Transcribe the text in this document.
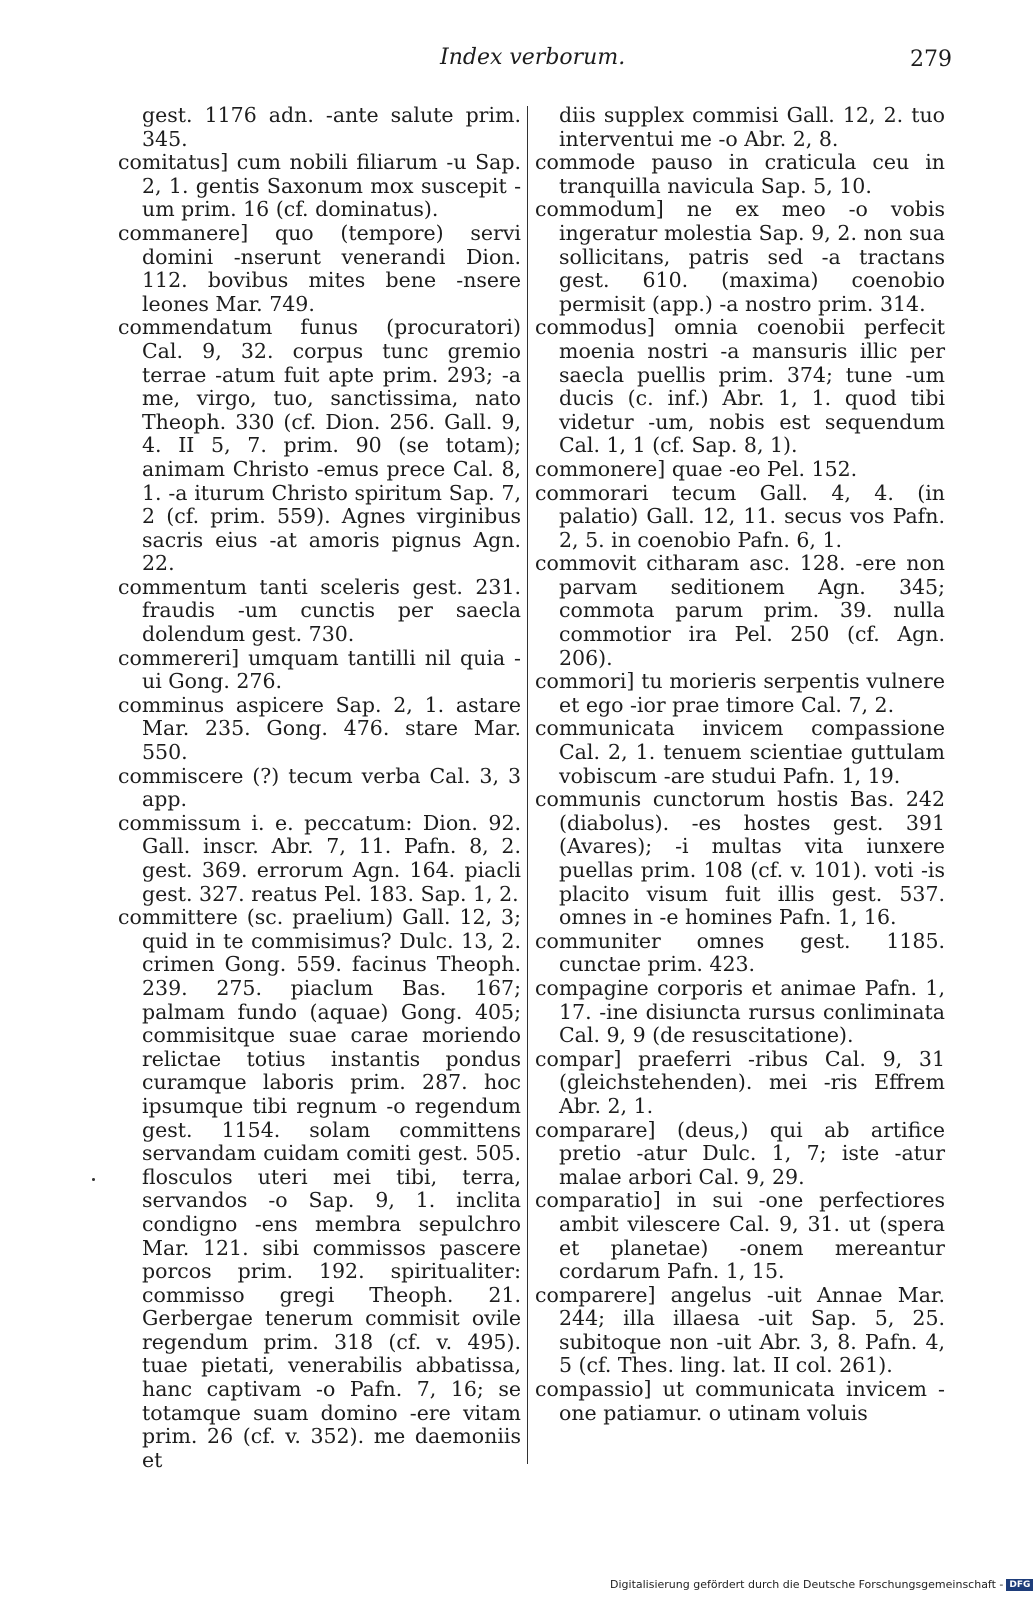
Index verborum.	279

gest. 1176 adn. -ante salute prim. 345.

comitatus] cum nobili filiarum -u Sap. 2, 1. gentis Saxonum mox suscepit -um prim. 16 (cf. dominatus).

commanere] quo (tempore) servi domini -nserunt venerandi Dion. 112. bovibus mites bene -nsere leones Mar. 749.

commendatum funus (procuratori) Cal. 9, 32. corpus tunc gremio terrae -atum fuit apte prim. 293; -a me, virgo, tuo, sanctissima, nato Theoph. 330 (cf. Dion. 256. Gall. 9, 4. II 5, 7. prim. 90 (se totam); animam Christo -emus prece Cal. 8, 1. -a iturum Christo spiritum Sap. 7, 2 (cf. prim. 559). Agnes virginibus sacris eius -at amoris pignus Agn. 22.

commentum tanti sceleris gest. 231. fraudis -um cunctis per saecla dolendum gest. 730.

commereri] umquam tantilli nil quia -ui Gong. 276.

comminus aspicere Sap. 2, 1. astare Mar. 235. Gong. 476. stare Mar. 550.

commiscere (?) tecum verba Cal. 3, 3 app.

commissum i. e. peccatum: Dion. 92. Gall. inscr. Abr. 7, 11. Pafn. 8, 2. gest. 369. errorum Agn. 164. piacli gest. 327. reatus Pel. 183. Sap. 1, 2.

committere (sc. praelium) Gall. 12, 3; quid in te commisimus? Dulc. 13, 2. crimen Gong. 559. facinus Theoph. 239. 275. piaclum Bas. 167; palmam fundo (aquae) Gong. 405; commisitque suae carae moriendo relictae totius instantis pondus curamque laboris prim. 287. hoc ipsumque tibi regnum -o regendum gest. 1154. solam committens servandam cuidam comiti gest. 505. flosculos uteri mei tibi, terra, servandos -o Sap. 9, 1. inclita condigno -ens membra sepulchro Mar. 121. sibi commissos pascere porcos prim. 192. spiritualiter: commisso gregi Theoph. 21. Gerbergae tenerum commisit ovile regendum prim. 318 (cf. v. 495). tuae pietati, venerabilis abbatissa, hanc captivam -o Pafn. 7, 16; se totamque suam domino -ere vitam prim. 26 (cf. v. 352). me daemoniis et

diis supplex commisi Gall. 12, 2. tuo interventui me -o Abr. 2, 8.

commode pauso in craticula ceu in tranquilla navicula Sap. 5, 10.

commodum] ne ex meo -o vobis ingeratur molestia Sap. 9, 2. non sua sollicitans, patris sed -a tractans gest. 610. (maxima) coenobio permisit (app.) -a nostro prim. 314.

commodus] omnia coenobii perfecit moenia nostri -a mansuris illic per saecla puellis prim. 374; tune -um ducis (c. inf.) Abr. 1, 1. quod tibi videtur -um, nobis est sequendum Cal. 1, 1 (cf. Sap. 8, 1).

commonere] quae -eo Pel. 152.

commorari tecum Gall. 4, 4. (in palatio) Gall. 12, 11. secus vos Pafn. 2, 5. in coenobio Pafn. 6, 1.

commovit citharam asc. 128. -ere non parvam seditionem Agn. 345; commota parum prim. 39. nulla commotior ira Pel. 250 (cf. Agn. 206).

commori] tu morieris serpentis vulnere et ego -ior prae timore Cal. 7, 2.

communicata invicem compassione Cal. 2, 1. tenuem scientiae guttulam vobiscum -are studui Pafn. 1, 19.

communis cunctorum hostis Bas. 242 (diabolus). -es hostes gest. 391 (Avares); -i multas vita iunxere puellas prim. 108 (cf. v. 101). voti -is placito visum fuit illis gest. 537. omnes in -e homines Pafn. 1, 16.

communiter omnes gest. 1185. cunctae prim. 423.

compagine corporis et animae Pafn. 1, 17. -ine disiuncta rursus conliminata Cal. 9, 9 (de resuscitatione).

compar] praeferri -ribus Cal. 9, 31 (gleichstehenden). mei -ris Effrem Abr. 2, 1.

comparare] (deus,) qui ab artifice pretio -atur Dulc. 1, 7; iste -atur malae arbori Cal. 9, 29.

comparatio] in sui -one perfectiores ambit vilescere Cal. 9, 31. ut (spera et planetae) -onem mereantur cordarum Pafn. 1, 15.

comparere] angelus -uit Annae Mar. 244; illa illaesa -uit Sap. 5, 25. subitoque non -uit Abr. 3, 8. Pafn. 4, 5 (cf. Thes. ling. lat. II col. 261).

compassio] ut communicata invicem -one patiamur. o utinam voluis

Digitalisierung gefördert durch die Deutsche Forschungsgemeinschaft - DFG
